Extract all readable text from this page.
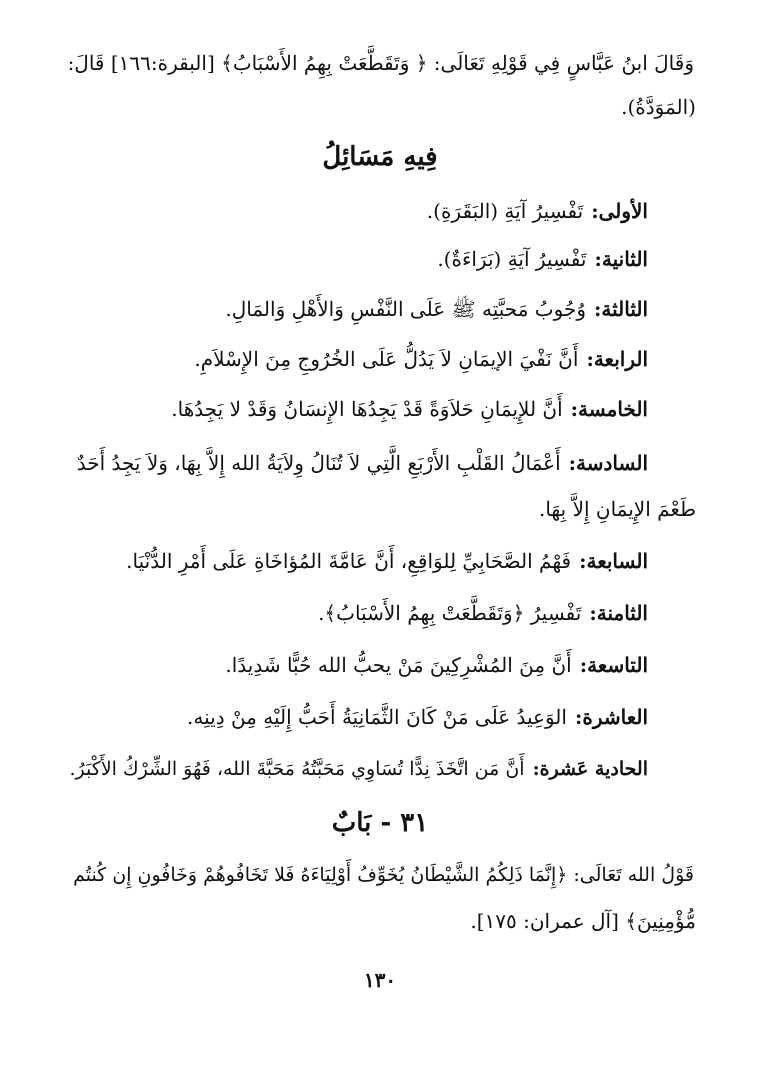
وَقَالَ ابنُ عَبَّاسٍ فِي قَوْلِهِ تَعَالَى: ﴿ وَتَقَطَّعَتْ بِهِمُ الأَسْبَابُ﴾ [البقرة:١٦٦] قَالَ:
(المَوَدَّةُ).
فِيهِ مَسَائِلُ
الأولى:تَفْسِيرُ آيَةِ (البَقَرَةِ).
الثانية:تَفْسِيرُ آيَةِ (بَرَاءَةٌ).
الثالثة:وُجُوبُ مَحبَّتِه ﷺ عَلَى النَّفْسِ وَالأَهْلِ وَالمَالِ.
الرابعة:أَنَّ نَفْيَ الإيمَانِ لاَ يَدُلُّ عَلَى الخُرُوجِ مِنَ الإِسْلاَمِ.
الخامسة:أَنَّ للإِيمَانِ حَلاَوَةً قَدْ يَجِدُهَا الإِنسَانُ وَقَدْ لا يَجِدُهَا.
السادسة:أَعْمَالُ القَلْبِ الأَرْبَعِ الَّتِي لاَ تُنَالُ وِلاَيَةُ الله إِلاَّ بِهَا، وَلاَ يَجِدُ أَحَدٌ
طَعْمَ الإِيمَانِ إِلاَّ بِهَا.
السابعة:فَهْمُ الصَّحَابِيِّ لِلوَاقِعِ، أَنَّ عَامَّةَ المُؤاخَاةِ عَلَى أَمْرِ الدُّنْيَا.
الثامنة:تَفْسِيرُ ﴿وَتَقَطَّعَتْ بِهِمُ الأَسْبَابُ﴾.
التاسعة:أَنَّ مِنَ المُشْرِكِينَ مَنْ يحبُّ الله حُبًّا شَدِيدًا.
العاشرة:الوَعِيدُ عَلَى مَنْ كَانَ الثَّمَانِيَةُ أَحَبُّ إِلَيْهِ مِنْ دِينِه.
الحادية عَشرة:أَنَّ مَن اتَّخَذَ نِدًّا تُسَاوِي مَحَبَّتُهُ مَحَبَّةَ الله، فَهُوَ الشِّرْكُ الأَكْبَرُ.
٣١ - بَابٌ
قَوْلُ الله تَعَالَى: ﴿إِنَّمَا ذَلِكُمُ الشَّيْطَانُ يُخَوِّفُ أَوْلِيَاءَهُ فَلا تَخَافُوهُمْ وَخَافُونِ إِن كُنتُم
مُّؤْمِنِينَ﴾ [آل عمران: ١٧٥].
١٣٠
